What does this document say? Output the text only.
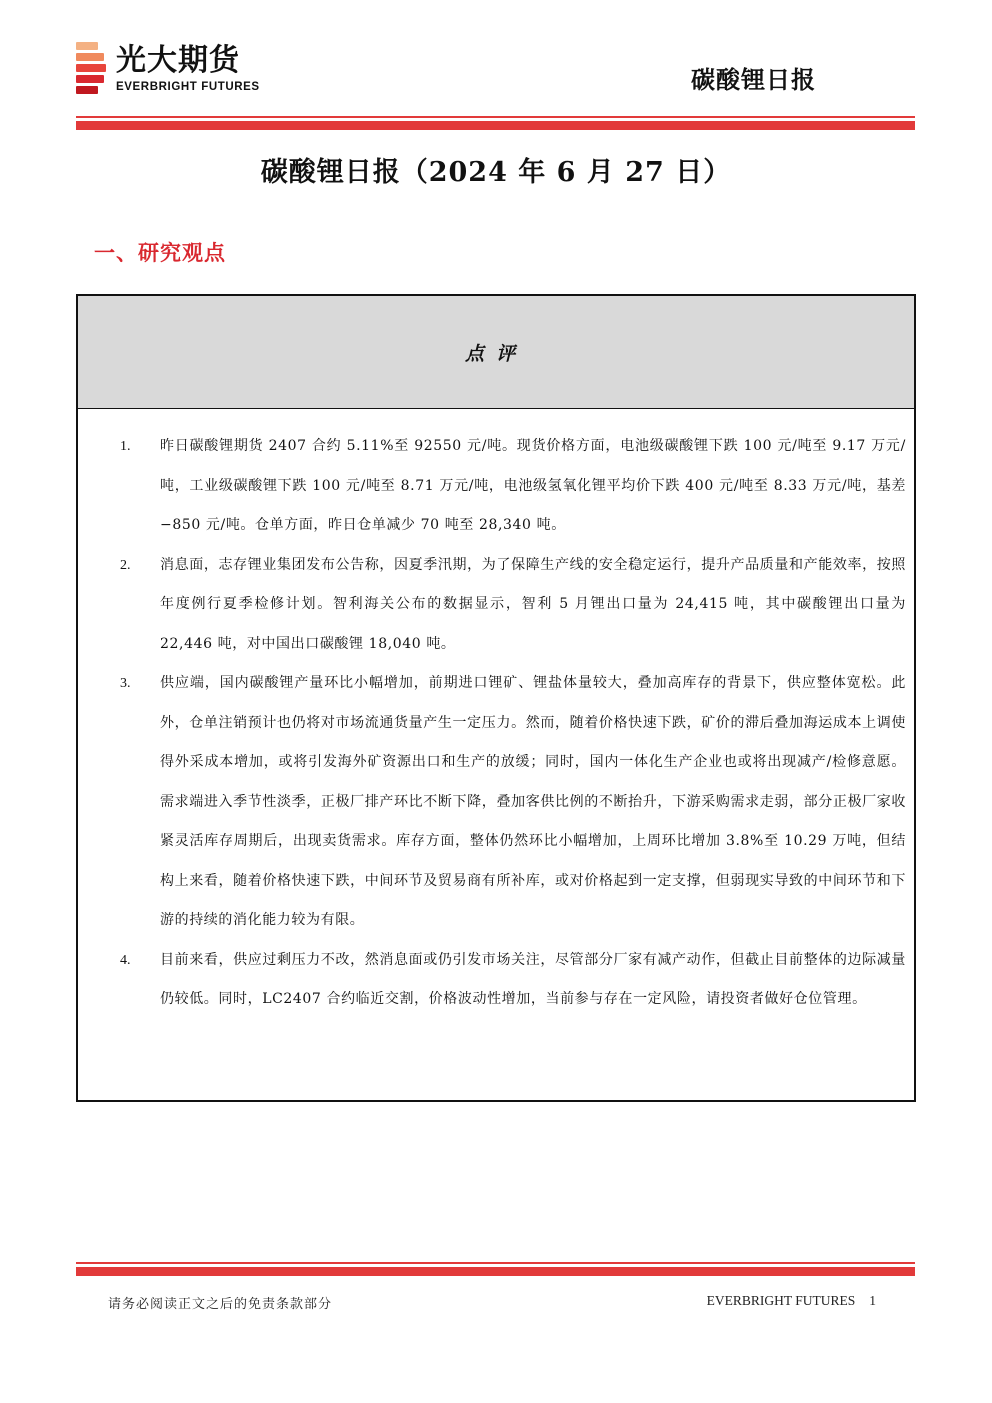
光大期货
EVERBRIGHT FUTURES	碳酸锂日报
碳酸锂日报（2024 年 6 月 27 日）
一、研究观点
点评
1.	昨日碳酸锂期货 2407 合约 5.11%至 92550 元/吨。现货价格方面，电池级碳酸锂下跌 100 元/吨至 9.17 万元/吨，工业级碳酸锂下跌 100 元/吨至 8.71 万元/吨，电池级氢氧化锂平均价下跌 400 元/吨至 8.33 万元/吨，基差−850 元/吨。仓单方面，昨日仓单减少 70 吨至 28,340 吨。
2.	消息面，志存锂业集团发布公告称，因夏季汛期，为了保障生产线的安全稳定运行，提升产品质量和产能效率，按照年度例行夏季检修计划。智利海关公布的数据显示，智利 5 月锂出口量为 24,415 吨，其中碳酸锂出口量为 22,446 吨，对中国出口碳酸锂 18,040 吨。
3.	供应端，国内碳酸锂产量环比小幅增加，前期进口锂矿、锂盐体量较大，叠加高库存的背景下，供应整体宽松。此外，仓单注销预计也仍将对市场流通货量产生一定压力。然而，随着价格快速下跌，矿价的滞后叠加海运成本上调使得外采成本增加，或将引发海外矿资源出口和生产的放缓；同时，国内一体化生产企业也或将出现减产/检修意愿。需求端进入季节性淡季，正极厂排产环比不断下降，叠加客供比例的不断抬升，下游采购需求走弱，部分正极厂家收紧灵活库存周期后，出现卖货需求。库存方面，整体仍然环比小幅增加，上周环比增加 3.8%至 10.29 万吨，但结构上来看，随着价格快速下跌，中间环节及贸易商有所补库，或对价格起到一定支撑，但弱现实导致的中间环节和下游的持续的消化能力较为有限。
4.	目前来看，供应过剩压力不改，然消息面或仍引发市场关注，尽管部分厂家有减产动作，但截止目前整体的边际减量仍较低。同时，LC2407 合约临近交割，价格波动性增加，当前参与存在一定风险，请投资者做好仓位管理。
请务必阅读正文之后的免责条款部分	EVERBRIGHT FUTURES 1
